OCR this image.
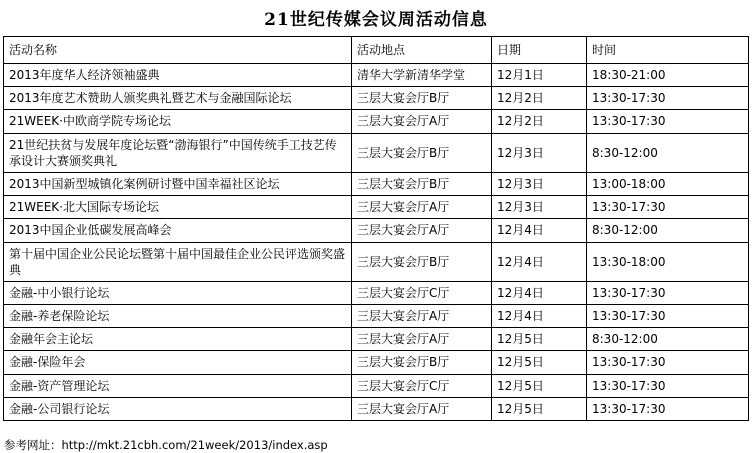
21世纪传媒会议周活动信息
活动名称	活动地点	日期	时间
2013年度华人经济领袖盛典	清华大学新清华学堂	12月1日	18:30-21:00
2013年度艺术赞助人颁奖典礼暨艺术与金融国际论坛	三层大宴会厅B厅	12月2日	13:30-17:30
21WEEK·中欧商学院专场论坛	三层大宴会厅A厅	12月2日	13:30-17:30
21世纪扶贫与发展年度论坛暨“渤海银行”中国传统手工技艺传承设计大赛颁奖典礼	三层大宴会厅B厅	12月3日	8:30-12:00
2013中国新型城镇化案例研讨暨中国幸福社区论坛	三层大宴会厅B厅	12月3日	13:00-18:00
21WEEK·北大国际专场论坛	三层大宴会厅A厅	12月3日	13:30-17:30
2013中国企业低碳发展高峰会	三层大宴会厅A厅	12月4日	8:30-12:00
第十届中国企业公民论坛暨第十届中国最佳企业公民评选颁奖盛典	三层大宴会厅B厅	12月4日	13:30-18:00
金融-中小银行论坛	三层大宴会厅C厅	12月4日	13:30-17:30
金融-养老保险论坛	三层大宴会厅A厅	12月4日	13:30-17:30
金融年会主论坛	三层大宴会厅A厅	12月5日	8:30-12:00
金融-保险年会	三层大宴会厅B厅	12月5日	13:30-17:30
金融-资产管理论坛	三层大宴会厅C厅	12月5日	13:30-17:30
金融-公司银行论坛	三层大宴会厅A厅	12月5日	13:30-17:30
参考网址：http://mkt.21cbh.com/21week/2013/index.asp
